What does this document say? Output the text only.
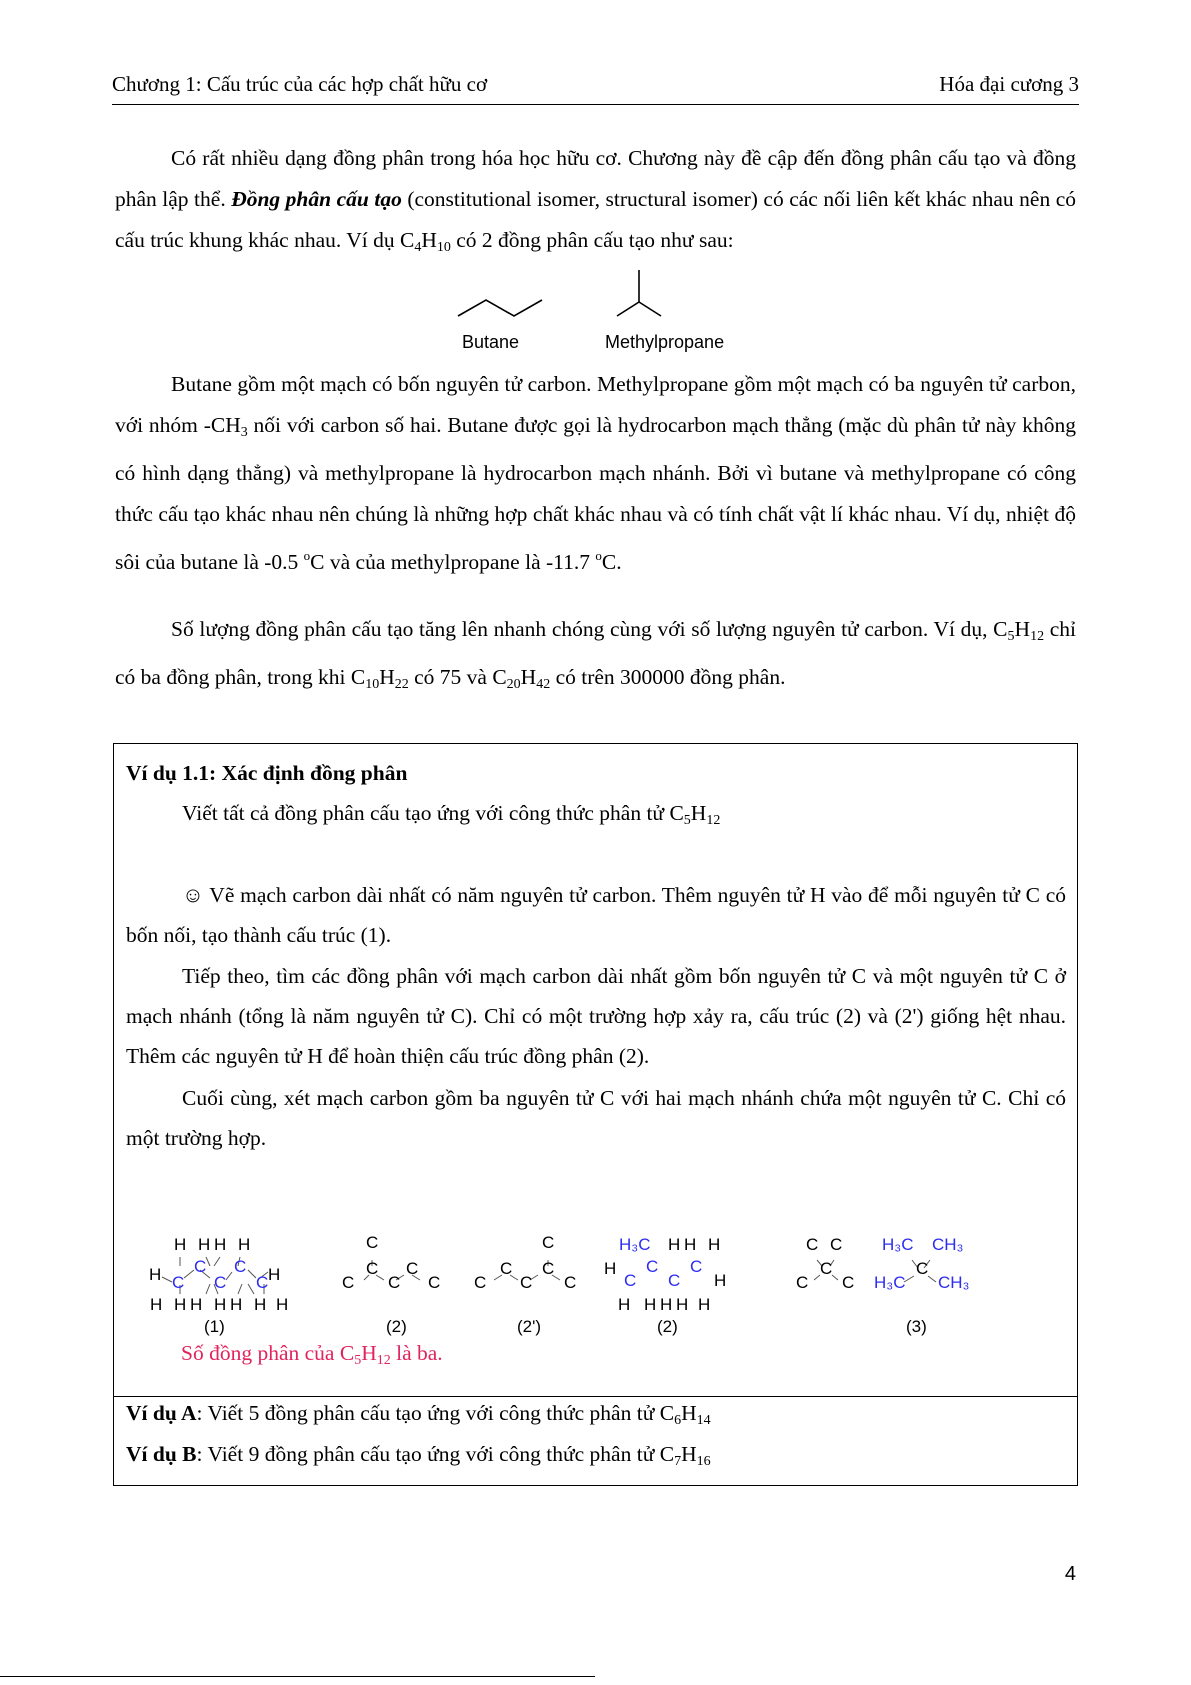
Chương 1: Cấu trúc của các hợp chất hữu cơ	Hóa đại cương 3
Có rất nhiều dạng đồng phân trong hóa học hữu cơ. Chương này đề cập đến đồng phân cấu tạo và đồng phân lập thể. Đồng phân cấu tạo (constitutional isomer, structural isomer) có các nối liên kết khác nhau nên có cấu trúc khung khác nhau. Ví dụ $C_4H_{10}$ có 2 đồng phân cấu tạo như sau:
Butane	Methylpropane
Butane gồm một mạch có bốn nguyên tử carbon. Methylpropane gồm một mạch có ba nguyên tử carbon, với nhóm $-CH_3$ nối với carbon số hai. Butane được gọi là hydrocarbon mạch thẳng (mặc dù phân tử này không có hình dạng thẳng) và methylpropane là hydrocarbon mạch nhánh. Bởi vì butane và methylpropane có công thức cấu tạo khác nhau nên chúng là những hợp chất khác nhau và có tính chất vật lí khác nhau. Ví dụ, nhiệt độ sôi của butane là -0.5 $^o$C và của methylpropane là -11.7 $^o$C.
Số lượng đồng phân cấu tạo tăng lên nhanh chóng cùng với số lượng nguyên tử carbon. Ví dụ, $C_5H_{12}$ chỉ có ba đồng phân, trong khi $C_{10}H_{22}$ có 75 và $C_{20}H_{42}$ có trên 300000 đồng phân.
Ví dụ 1.1: Xác định đồng phân
Viết tất cả đồng phân cấu tạo ứng với công thức phân tử $C_5H_{12}$
☺ Vẽ mạch carbon dài nhất có năm nguyên tử carbon. Thêm nguyên tử H vào để mỗi nguyên tử C có bốn nối, tạo thành cấu trúc (1).
Tiếp theo, tìm các đồng phân với mạch carbon dài nhất gồm bốn nguyên tử C và một nguyên tử C ở mạch nhánh (tổng là năm nguyên tử C). Chỉ có một trường hợp xảy ra, cấu trúc (2) và (2') giống hệt nhau. Thêm các nguyên tử H để hoàn thiện cấu trúc đồng phân (2).
Cuối cùng, xét mạch carbon gồm ba nguyên tử C với hai mạch nhánh chứa một nguyên tử C. Chỉ có một trường hợp.
H H H H
H	H
C
C
C
C
C
H H H H H H H
C
C
C C
C
C C
C
C
C
C
C
H₃C H H H
H
C
C
C
C
H
H H H H H
C C
C
C C
H₃C CH₃
C
H₃C CH₃
(1)	(2)	(2')	(2)	(3)
Số đồng phân của $C_5H_{12}$ là ba.
Ví dụ A: Viết 5 đồng phân cấu tạo ứng với công thức phân tử $C_6H_{14}$
Ví dụ B: Viết 9 đồng phân cấu tạo ứng với công thức phân tử $C_7H_{16}$
4
